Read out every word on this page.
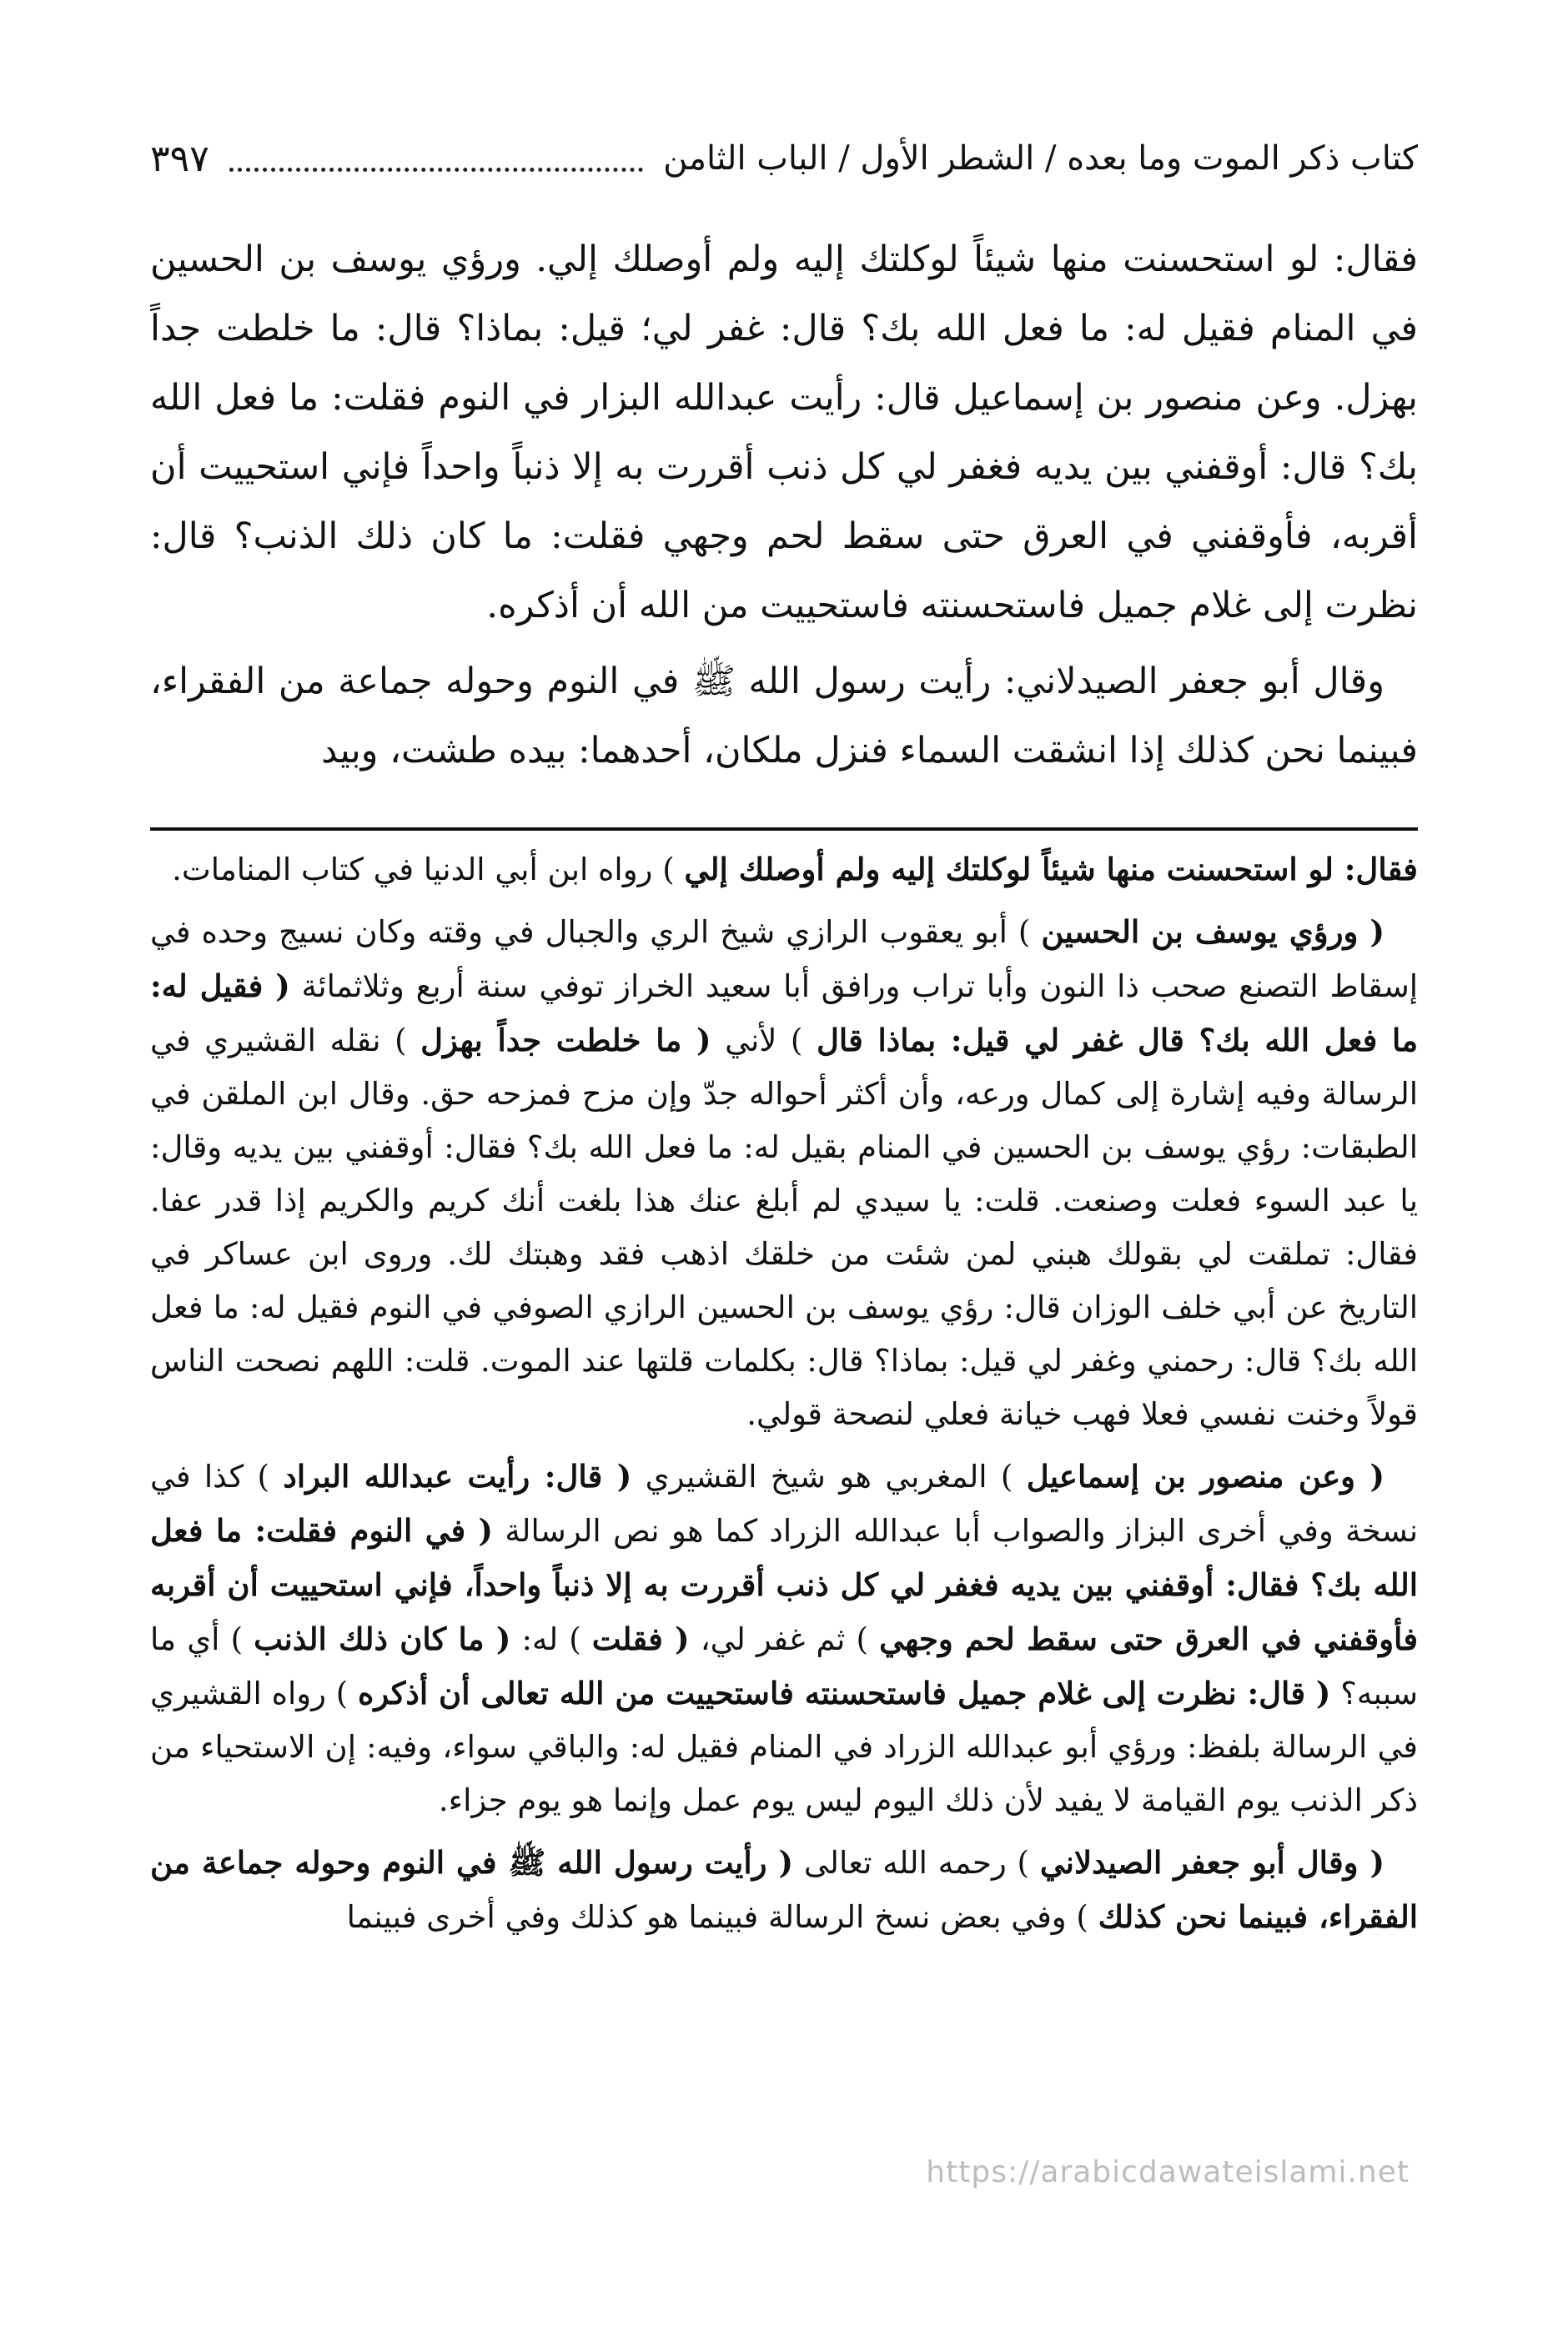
كتاب ذكر الموت وما بعده / الشطر الأول / الباب الثامن
٣٩٧

فقال: لو استحسنت منها شيئاً لوكلتك إليه ولم أوصلك إلي. ورؤي يوسف بن الحسين في المنام فقيل له: ما فعل الله بك؟ قال: غفر لي؛ قيل: بماذا؟ قال: ما خلطت جداً بهزل. وعن منصور بن إسماعيل قال: رأيت عبدالله البزار في النوم فقلت: ما فعل الله بك؟ قال: أوقفني بين يديه فغفر لي كل ذنب أقررت به إلا ذنباً واحداً فإني استحييت أن أقربه، فأوقفني في العرق حتى سقط لحم وجهي فقلت: ما كان ذلك الذنب؟ قال: نظرت إلى غلام جميل فاستحسنته فاستحييت من الله أن أذكره.

وقال أبو جعفر الصيدلاني: رأيت رسول الله ﷺ في النوم وحوله جماعة من الفقراء، فبينما نحن كذلك إذا انشقت السماء فنزل ملكان، أحدهما: بيده طشت، وبيد

فقال: لو استحسنت منها شيئاً لوكلتك إليه ولم أوصلك إلي ) رواه ابن أبي الدنيا في كتاب المنامات.

( ورؤي يوسف بن الحسين ) أبو يعقوب الرازي شيخ الري والجبال في وقته وكان نسيج وحده في إسقاط التصنع صحب ذا النون وأبا تراب ورافق أبا سعيد الخراز توفي سنة أربع وثلاثمائة ( فقيل له: ما فعل الله بك؟ قال غفر لي قيل: بماذا قال ) لأني ( ما خلطت جداً بهزل ) نقله القشيري في الرسالة وفيه إشارة إلى كمال ورعه، وأن أكثر أحواله جدّ وإن مزح فمزحه حق. وقال ابن الملقن في الطبقات: رؤي يوسف بن الحسين في المنام بقيل له: ما فعل الله بك؟ فقال: أوقفني بين يديه وقال: يا عبد السوء فعلت وصنعت. قلت: يا سيدي لم أبلغ عنك هذا بلغت أنك كريم والكريم إذا قدر عفا. فقال: تملقت لي بقولك هبني لمن شئت من خلقك اذهب فقد وهبتك لك. وروى ابن عساكر في التاريخ عن أبي خلف الوزان قال: رؤي يوسف بن الحسين الرازي الصوفي في النوم فقيل له: ما فعل الله بك؟ قال: رحمني وغفر لي قيل: بماذا؟ قال: بكلمات قلتها عند الموت. قلت: اللهم نصحت الناس قولاً وخنت نفسي فعلا فهب خيانة فعلي لنصحة قولي.

( وعن منصور بن إسماعيل ) المغربي هو شيخ القشيري ( قال: رأيت عبدالله البراد ) كذا في نسخة وفي أخرى البزاز والصواب أبا عبدالله الزراد كما هو نص الرسالة ( في النوم فقلت: ما فعل الله بك؟ فقال: أوقفني بين يديه فغفر لي كل ذنب أقررت به إلا ذنباً واحداً، فإني استحييت أن أقربه فأوقفني في العرق حتى سقط لحم وجهي ) ثم غفر لي، ( فقلت ) له: ( ما كان ذلك الذنب ) أي ما سببه؟ ( قال: نظرت إلى غلام جميل فاستحسنته فاستحييت من الله تعالى أن أذكره ) رواه القشيري في الرسالة بلفظ: ورؤي أبو عبدالله الزراد في المنام فقيل له: والباقي سواء، وفيه: إن الاستحياء من ذكر الذنب يوم القيامة لا يفيد لأن ذلك اليوم ليس يوم عمل وإنما هو يوم جزاء.

( وقال أبو جعفر الصيدلاني ) رحمه الله تعالى ( رأيت رسول الله ﷺ في النوم وحوله جماعة من الفقراء، فبينما نحن كذلك ) وفي بعض نسخ الرسالة فبينما هو كذلك وفي أخرى فبينما

https://arabicdawateislami.net
